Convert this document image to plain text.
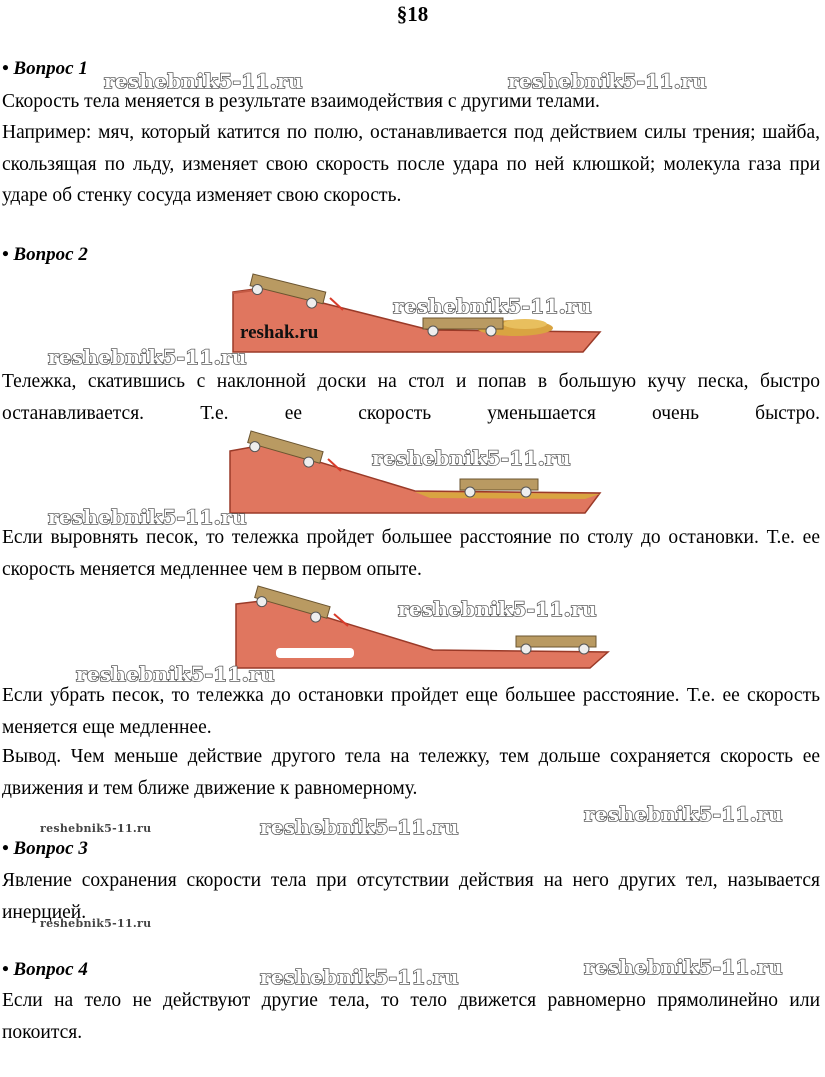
§18
• Вопрос 1
Скорость тела меняется в результате взаимодействия с другими телами.
Например: мяч, который катится по полю, останавливается под действием силы трения; шайба, скользящая по льду, изменяет свою скорость после удара по ней клюшкой; молекула газа при ударе об стенку сосуда изменяет свою скорость.
• Вопрос 2
reshak.ru
Тележка, скатившись с наклонной доски на стол и попав в большую кучу песка, быстро останавливается. Т.е. ее скорость уменьшается очень быстро.
Если выровнять песок, то тележка пройдет большее расстояние по столу до остановки. Т.е. ее скорость меняется медленнее чем в первом опыте.
Если убрать песок, то тележка до остановки пройдет еще большее расстояние. Т.е. ее скорость меняется еще медленнее.
Вывод. Чем меньше действие другого тела на тележку, тем дольше сохраняется скорость ее движения и тем ближе движение к равномерному.
• Вопрос 3
Явление сохранения скорости тела при отсутствии действия на него других тел, называется инерцией.
• Вопрос 4
Если на тело не действуют другие тела, то тело движется равномерно прямолинейно или покоится.
reshebnik5-11.ru	reshebnik5-11.ru
reshebnik5-11.ru
reshebnik5-11.ru
reshebnik5-11.ru
reshebnik5-11.ru
reshebnik5-11.ru
reshebnik5-11.ru
reshebnik5-11.ru
reshebnik5-11.ru
reshebnik5-11.ru
reshebnik5-11.ru
reshebnik5-11.ru
reshebnik5-11.ru
